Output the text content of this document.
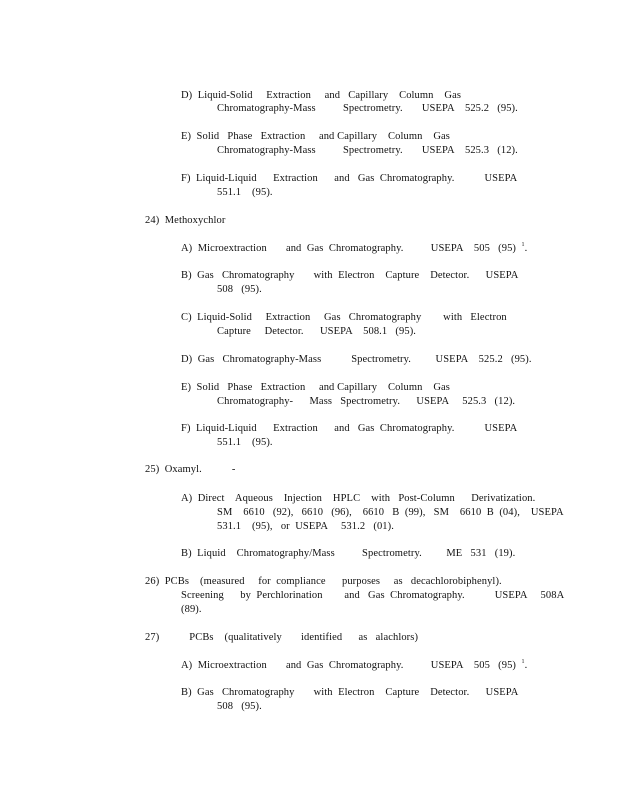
D)  Liquid-Solid     Extraction     and   Capillary    Column    Gas
Chromatography-Mass          Spectrometry.       USEPA    525.2   (95).
E)  Solid   Phase   Extraction     and Capillary    Column    Gas
Chromatography-Mass          Spectrometry.       USEPA    525.3   (12).
F)  Liquid-Liquid      Extraction      and   Gas  Chromatography.           USEPA
551.1    (95).
24)  Methoxychlor
A)  Microextraction       and  Gas  Chromatography.          USEPA    505   (95) $^1$.
B)  Gas   Chromatography       with  Electron    Capture    Detector.      USEPA
508   (95).
C)  Liquid-Solid     Extraction     Gas   Chromatography        with   Electron
Capture     Detector.      USEPA    508.1   (95).
D)  Gas   Chromatography-Mass           Spectrometry.         USEPA    525.2   (95).
E)  Solid   Phase   Extraction     and Capillary    Column    Gas
Chromatography-      Mass   Spectrometry.      USEPA     525.3   (12).
F)  Liquid-Liquid      Extraction      and   Gas  Chromatography.           USEPA
551.1    (95).
25)  Oxamyl.           -
A)  Direct    Aqueous    Injection    HPLC    with   Post-Column      Derivatization.
SM    6610   (92),   6610   (96),    6610   B  (99),   SM    6610  B  (04),    USEPA
531.1    (95),   or  USEPA     531.2   (01).
B)  Liquid    Chromatography/Mass          Spectrometry.         ME   531   (19).
26)  PCBs    (measured     for  compliance      purposes     as   decachlorobiphenyl).
Screening      by  Perchlorination        and   Gas  Chromatography.           USEPA     508A
(89).
27)           PCBs    (qualitatively       identified      as   alachlors)
A)  Microextraction       and  Gas  Chromatography.          USEPA    505   (95) $^1$.
B)  Gas   Chromatography       with  Electron    Capture    Detector.      USEPA
508   (95).
